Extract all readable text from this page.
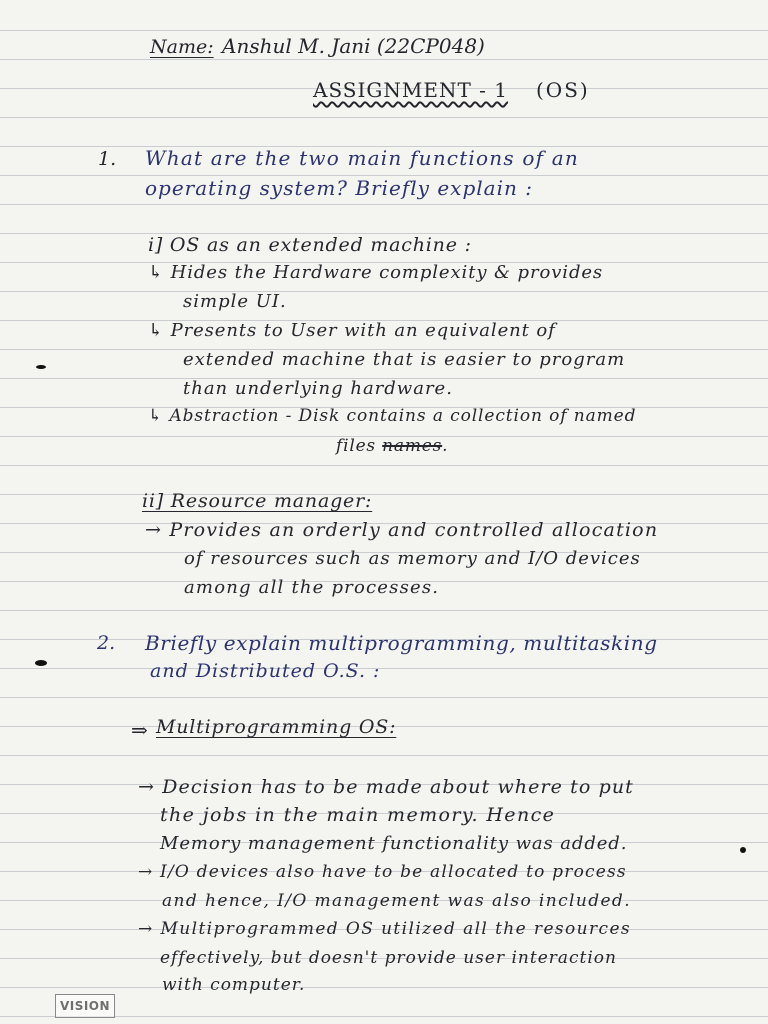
Name: Anshul M. Jani (22CP048)
ASSIGNMENT - 1 (OS)
1. What are the two main functions of an
operating system? Briefly explain :
i] OS as an extended machine :
↳ Hides the Hardware complexity & provides
simple UI.
↳ Presents to User with an equivalent of
extended machine that is easier to program
than underlying hardware.
↳ Abstraction - Disk contains a collection of named
files names.
ii] Resource manager:
→ Provides an orderly and controlled allocation
of resources such as memory and I/O devices
among all the processes.
2. Briefly explain multiprogramming, multitasking
and Distributed O.S. :
⇒ Multiprogramming OS:
→ Decision has to be made about where to put
the jobs in the main memory. Hence
Memory management functionality was added.
→ I/O devices also have to be allocated to process
and hence, I/O management was also included.
→ Multiprogrammed OS utilized all the resources
effectively, but doesn't provide user interaction
with computer.
VISION
